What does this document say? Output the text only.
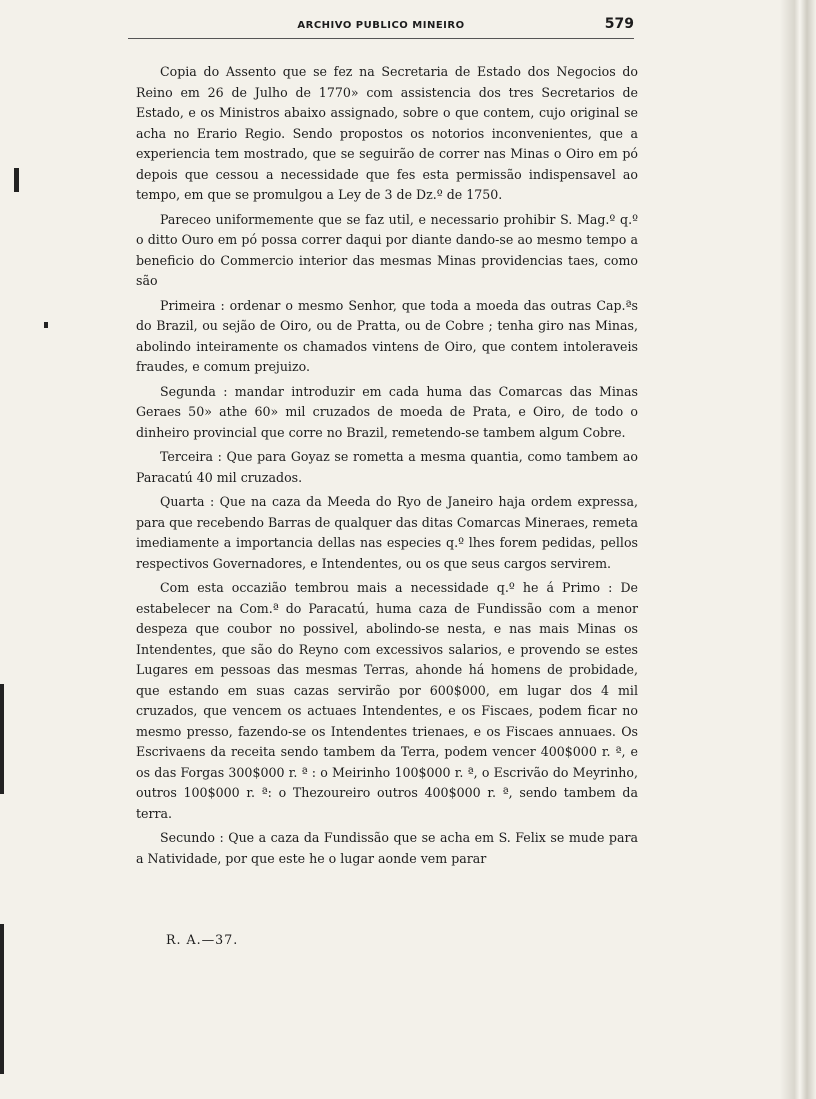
ARCHIVO PUBLICO MINEIRO	579

Copia do Assento que se fez na Secretaria de Estado dos Negocios do Reino em 26 de Julho de 1770» com assistencia dos tres Secretarios de Estado, e os Ministros abaixo assignado, sobre o que contem, cujo original se acha no Erario Regio. Sendo propostos os notorios inconvenientes, que a experiencia tem mostrado, que se seguirão de correr nas Minas o Oiro em pó depois que cessou a necessidade que fes esta permissão indispensavel ao tempo, em que se promulgou a Ley de 3 de Dz.º de 1750.

Pareceo uniformemente que se faz util, e necessario prohibir S. Mag.º q.º o ditto Ouro em pó possa correr daqui por diante dando-se ao mesmo tempo a beneficio do Commercio interior das mesmas Minas providencias taes, como são

Primeira : ordenar o mesmo Senhor, que toda a moeda das outras Cap.ªs do Brazil, ou sejão de Oiro, ou de Pratta, ou de Cobre ; tenha giro nas Minas, abolindo inteiramente os chamados vintens de Oiro, que contem intoleraveis fraudes, e comum prejuizo.

Segunda : mandar introduzir em cada huma das Comarcas das Minas Geraes 50» athe 60» mil cruzados de moeda de Prata, e Oiro, de todo o dinheiro provincial que corre no Brazil, remetendo-se tambem algum Cobre.

Terceira : Que para Goyaz se rometta a mesma quantia, como tambem ao Paracatú 40 mil cruzados.

Quarta : Que na caza da Meeda do Ryo de Janeiro haja ordem expressa, para que recebendo Barras de qualquer das ditas Comarcas Mineraes, remeta imediamente a importancia dellas nas especies q.º lhes forem pedidas, pellos respectivos Governadores, e Intendentes, ou os que seus cargos servirem.

Com esta occazião tembrou mais a necessidade q.º he á Primo : De estabelecer na Com.ª do Paracatú, huma caza de Fundissão com a menor despeza que coubor no possivel, abolindo-se nesta, e nas mais Minas os Intendentes, que são do Reyno com excessivos salarios, e provendo se estes Lugares em pessoas das mesmas Terras, ahonde há homens de probidade, que estando em suas cazas servirão por 600$000, em lugar dos 4 mil cruzados, que vencem os actuaes Intendentes, e os Fiscaes, podem ficar no mesmo presso, fazendo-se os Intendentes trienaes, e os Fiscaes annuaes. Os Escrivaens da receita sendo tambem da Terra, podem vencer 400$000 r. ª, e os das Forgas 300$000 r. ª : o Meirinho 100$000 r. ª, o Escrivão do Meyrinho, outros 100$000 r. ª: o Thezoureiro outros 400$000 r. ª, sendo tambem da terra.

Secundo : Que a caza da Fundissão que se acha em S. Felix se mude para a Natividade, por que este he o lugar aonde vem parar

R. A.—37.
